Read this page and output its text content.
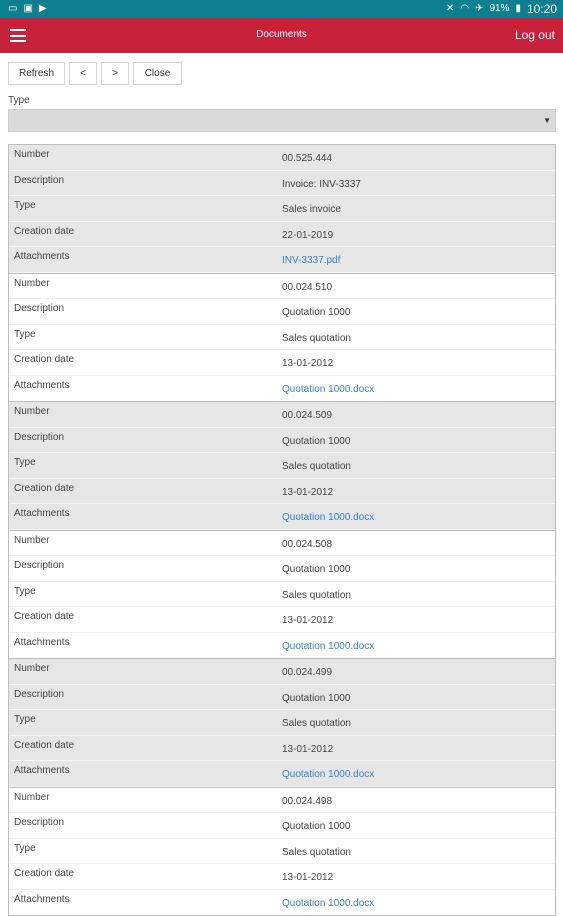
▭ ▣ ▶	✕ ◠ ✈ 91% ▮ 10:20
Documents	Log out
Refresh	<	>	Close
Type
▼
Number	00.525.444
Description	Invoice: INV-3337
Type	Sales invoice
Creation date	22-01-2019
Attachments	INV-3337.pdf
Number	00.024.510
Description	Quotation 1000
Type	Sales quotation
Creation date	13-01-2012
Attachments	Quotation 1000.docx
Number	00.024.509
Description	Quotation 1000
Type	Sales quotation
Creation date	13-01-2012
Attachments	Quotation 1000.docx
Number	00.024.508
Description	Quotation 1000
Type	Sales quotation
Creation date	13-01-2012
Attachments	Quotation 1000.docx
Number	00.024.499
Description	Quotation 1000
Type	Sales quotation
Creation date	13-01-2012
Attachments	Quotation 1000.docx
Number	00.024.498
Description	Quotation 1000
Type	Sales quotation
Creation date	13-01-2012
Attachments	Quotation 1000.docx
